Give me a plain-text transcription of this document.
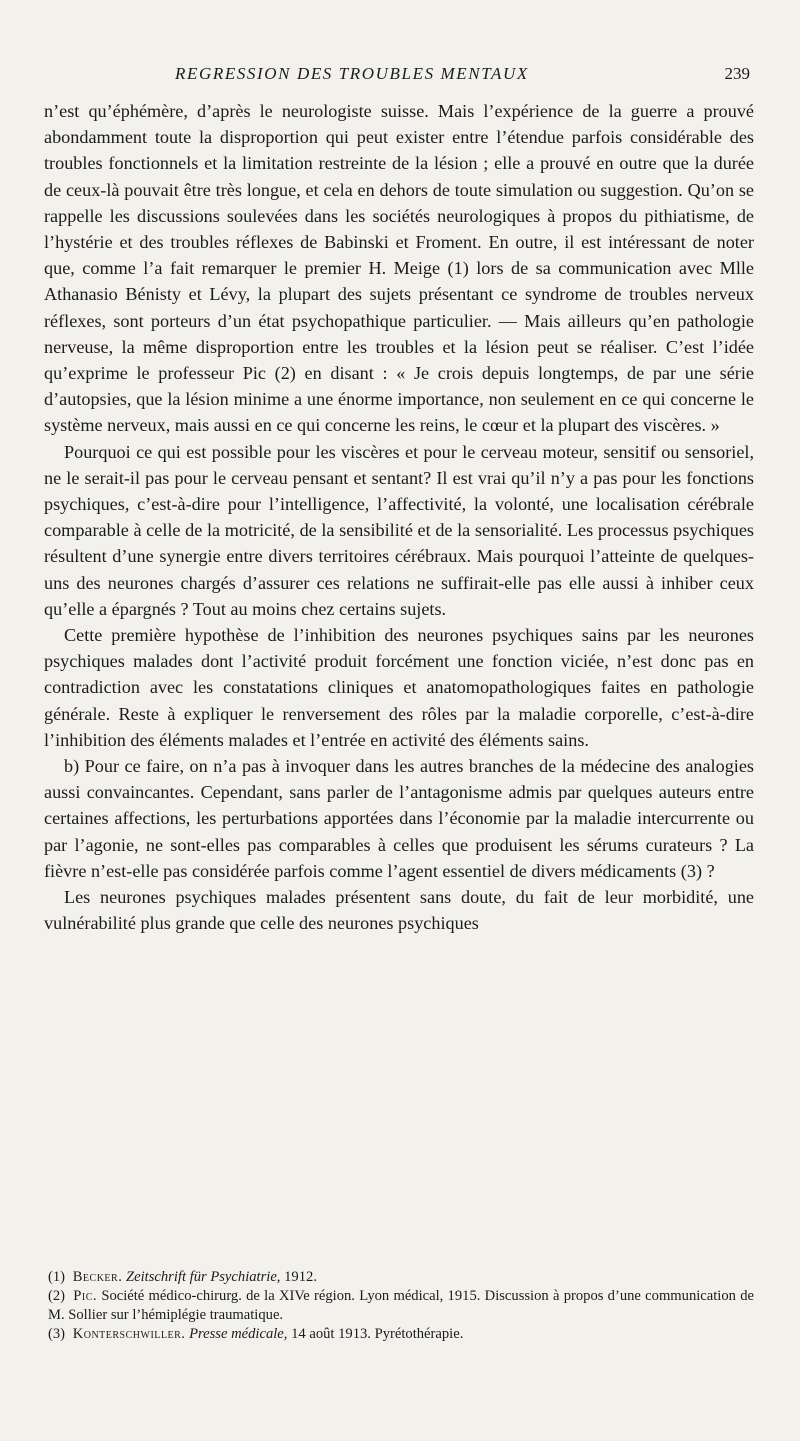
REGRESSION DES TROUBLES MENTAUX	239

n’est qu’éphémère, d’après le neurologiste suisse. Mais l’expérience de la guerre a prouvé abondamment toute la disproportion qui peut exister entre l’étendue parfois considérable des troubles fonctionnels et la limitation restreinte de la lésion ; elle a prouvé en outre que la durée de ceux-là pouvait être très longue, et cela en dehors de toute simulation ou suggestion. Qu’on se rappelle les discussions soulevées dans les sociétés neurologiques à propos du pithiatisme, de l’hystérie et des troubles réflexes de Babinski et Froment. En outre, il est intéressant de noter que, comme l’a fait remarquer le premier H. Meige (1) lors de sa communication avec Mlle Athanasio Bénisty et Lévy, la plupart des sujets présentant ce syndrome de troubles nerveux réflexes, sont porteurs d’un état psychopathique particulier. — Mais ailleurs qu’en pathologie nerveuse, la même disproportion entre les troubles et la lésion peut se réaliser. C’est l’idée qu’exprime le professeur Pic (2) en disant : « Je crois depuis longtemps, de par une série d’autopsies, que la lésion minime a une énorme importance, non seulement en ce qui concerne le système nerveux, mais aussi en ce qui concerne les reins, le cœur et la plupart des viscères. »

Pourquoi ce qui est possible pour les viscères et pour le cerveau moteur, sensitif ou sensoriel, ne le serait-il pas pour le cerveau pensant et sentant? Il est vrai qu’il n’y a pas pour les fonctions psychiques, c’est-à-dire pour l’intelligence, l’affectivité, la volonté, une localisation cérébrale comparable à celle de la motricité, de la sensibilité et de la sensorialité. Les processus psychiques résultent d’une synergie entre divers territoires cérébraux. Mais pourquoi l’atteinte de quelques-uns des neurones chargés d’assurer ces relations ne suffirait-elle pas elle aussi à inhiber ceux qu’elle a épargnés ? Tout au moins chez certains sujets.

Cette première hypothèse de l’inhibition des neurones psychiques sains par les neurones psychiques malades dont l’activité produit forcément une fonction viciée, n’est donc pas en contradiction avec les constatations cliniques et anatomopathologiques faites en pathologie générale. Reste à expliquer le renversement des rôles par la maladie corporelle, c’est-à-dire l’inhibition des éléments malades et l’entrée en activité des éléments sains.

b) Pour ce faire, on n’a pas à invoquer dans les autres branches de la médecine des analogies aussi convaincantes. Cependant, sans parler de l’antagonisme admis par quelques auteurs entre certaines affections, les perturbations apportées dans l’économie par la maladie intercurrente ou par l’agonie, ne sont-elles pas comparables à celles que produisent les sérums curateurs ? La fièvre n’est-elle pas considérée parfois comme l’agent essentiel de divers médicaments (3) ?

Les neurones psychiques malades présentent sans doute, du fait de leur morbidité, une vulnérabilité plus grande que celle des neurones psychiques

(1) Becker. Zeitschrift für Psychiatrie, 1912.

(2) Pic. Société médico-chirurg. de la XIVe région. Lyon médical, 1915. Discussion à propos d’une communication de M. Sollier sur l’hémiplégie traumatique.

(3) Konterschwiller. Presse médicale, 14 août 1913. Pyrétothérapie.
